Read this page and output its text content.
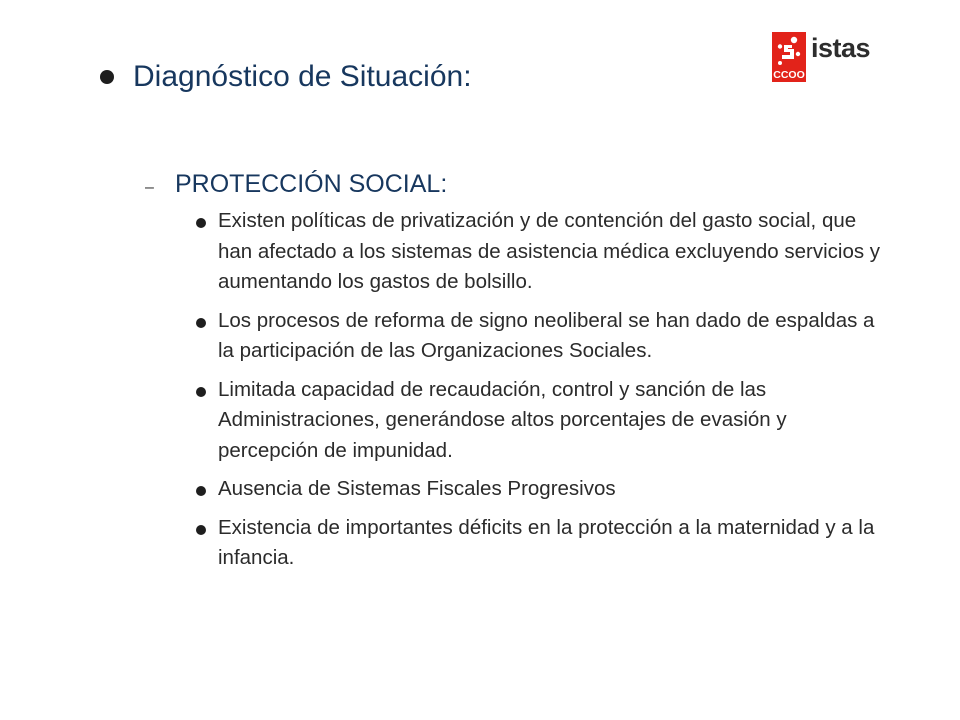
CCOO
istas
Diagnóstico de Situación:
– PROTECCIÓN SOCIAL:
Existen políticas de privatización y de contención del gasto social, que han afectado a los sistemas de asistencia médica excluyendo servicios y aumentando los gastos de bolsillo.
Los procesos de reforma de signo neoliberal se han dado de espaldas a la participación de las Organizaciones Sociales.
Limitada capacidad de recaudación, control y sanción de las Administraciones, generándose altos porcentajes de evasión y percepción de impunidad.
Ausencia de Sistemas Fiscales Progresivos
Existencia de importantes déficits en la protección a la maternidad y a la infancia.
